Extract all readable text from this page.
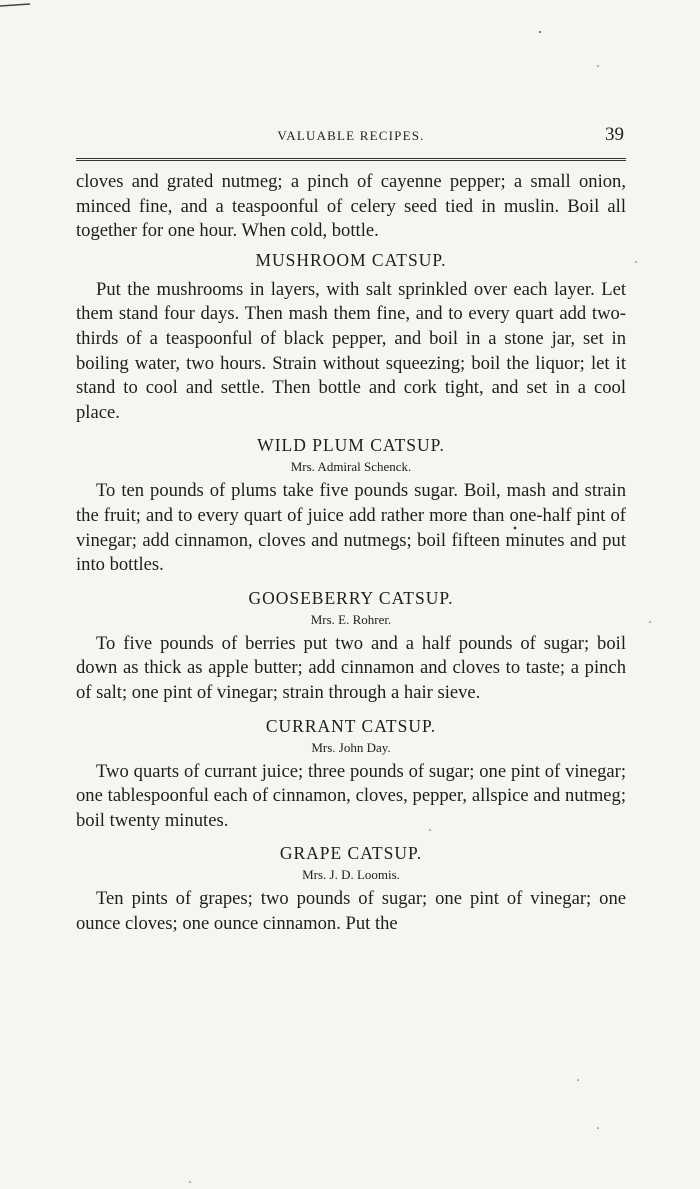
VALUABLE RECIPES.	39

cloves and grated nutmeg; a pinch of cayenne pepper; a small onion, minced fine, and a teaspoonful of celery seed tied in muslin. Boil all together for one hour. When cold, bottle.

MUSHROOM CATSUP.

Put the mushrooms in layers, with salt sprinkled over each layer. Let them stand four days. Then mash them fine, and to every quart add two-thirds of a teaspoonful of black pepper, and boil in a stone jar, set in boiling water, two hours. Strain without squeezing; boil the liquor; let it stand to cool and settle. Then bottle and cork tight, and set in a cool place.

WILD PLUM CATSUP.
Mrs. Admiral Schenck.

To ten pounds of plums take five pounds sugar. Boil, mash and strain the fruit; and to every quart of juice add rather more than one-half pint of vinegar; add cinnamon, cloves and nutmegs; boil fifteen minutes and put into bottles.

GOOSEBERRY CATSUP.
Mrs. E. Rohrer.

To five pounds of berries put two and a half pounds of sugar; boil down as thick as apple butter; add cinnamon and cloves to taste; a pinch of salt; one pint of vinegar; strain through a hair sieve.

CURRANT CATSUP.
Mrs. John Day.

Two quarts of currant juice; three pounds of sugar; one pint of vinegar; one tablespoonful each of cinnamon, cloves, pepper, allspice and nutmeg; boil twenty minutes.

GRAPE CATSUP.
Mrs. J. D. Loomis.

Ten pints of grapes; two pounds of sugar; one pint of vinegar; one ounce cloves; one ounce cinnamon. Put the
